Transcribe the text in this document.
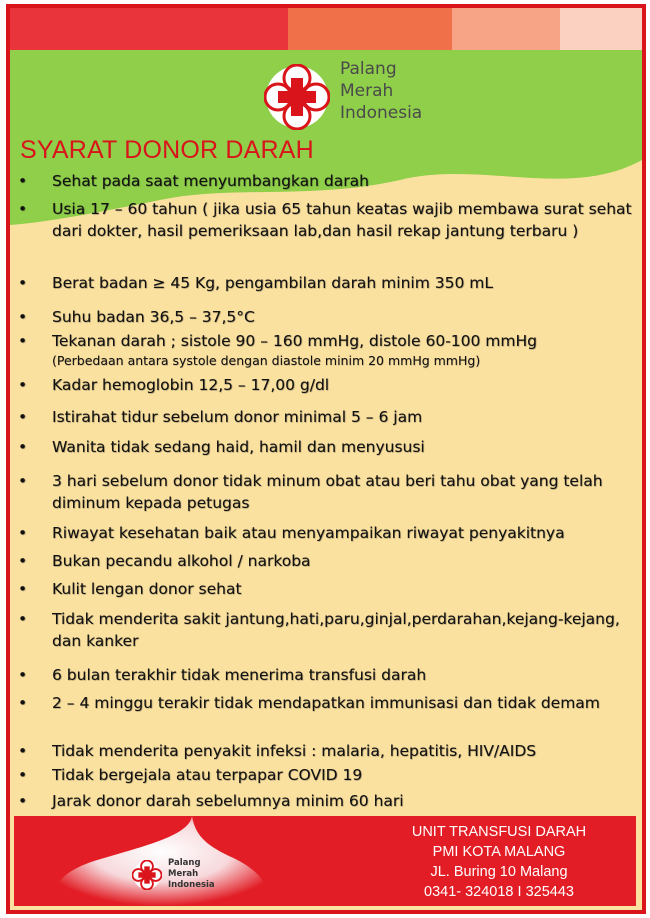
Palang
Merah
Indonesia
SYARAT DONOR DARAH
•	Sehat pada saat menyumbangkan darah
•	Usia 17 – 60 tahun ( jika usia 65 tahun keatas wajib membawa surat sehat dari dokter, hasil pemeriksaan lab,dan hasil rekap jantung terbaru )
•	Berat badan ≥ 45 Kg, pengambilan darah minim 350 mL
•	Suhu badan 36,5 – 37,5°C
•	Tekanan darah ; sistole 90 – 160 mmHg, distole 60-100 mmHg
(Perbedaan antara systole dengan diastole minim 20 mmHg mmHg)
•	Kadar hemoglobin 12,5 – 17,00 g/dl
•	Istirahat tidur sebelum donor minimal 5 – 6 jam
•	Wanita tidak sedang haid, hamil dan menyususi
•	3 hari sebelum donor tidak minum obat atau beri tahu obat yang telah diminum kepada petugas
•	Riwayat kesehatan baik atau menyampaikan riwayat penyakitnya
•	Bukan pecandu alkohol / narkoba
•	Kulit lengan donor sehat
•	Tidak menderita sakit jantung,hati,paru,ginjal,perdarahan,kejang-kejang, dan kanker
•	6 bulan terakhir tidak menerima transfusi darah
•	2 – 4 minggu terakir tidak mendapatkan immunisasi dan tidak demam
•	Tidak menderita penyakit infeksi : malaria, hepatitis, HIV/AIDS
•	Tidak bergejala atau terpapar COVID 19
•	Jarak donor darah sebelumnya minim 60 hari
Palang
Merah
Indonesia
UNIT TRANSFUSI DARAH
PMI KOTA MALANG
JL. Buring 10 Malang
0341- 324018 I 325443
